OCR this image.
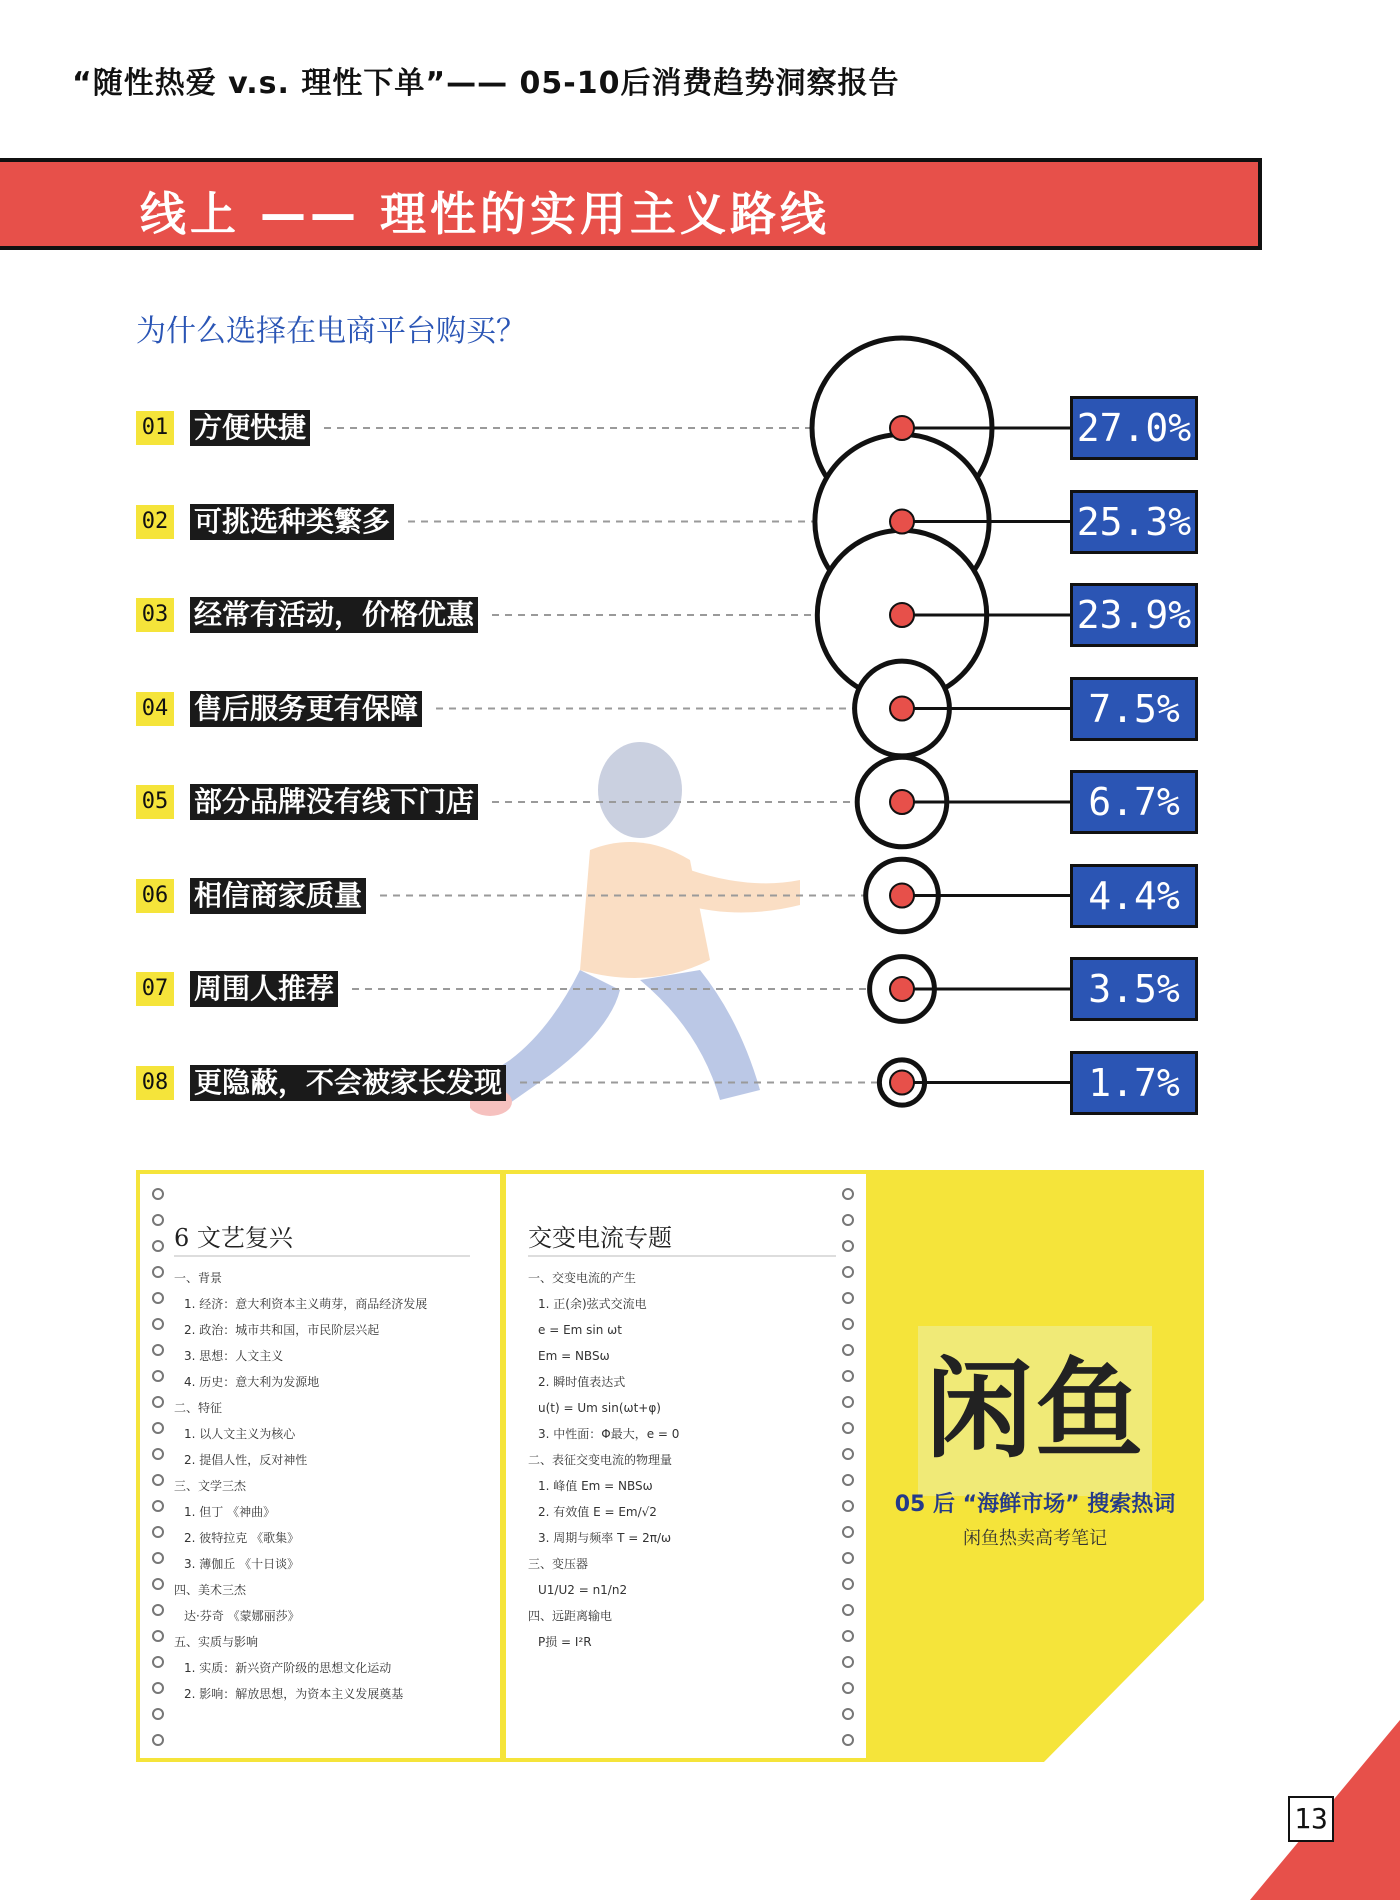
“随性热爱 v.s. 理性下单”—— 05-10后消费趋势洞察报告
线上 —— 理性的实用主义路线
为什么选择在电商平台购买？
01 方便快捷	27.0%
02 可挑选种类繁多	25.3%
03 经常有活动，价格优惠	23.9%
04 售后服务更有保障	7.5%
05 部分品牌没有线下门店	6.7%
06 相信商家质量	4.4%
07 周围人推荐	3.5%
08 更隐蔽，不会被家长发现	1.7%
6 文艺复兴
一、背景
1. 经济：意大利资本主义萌芽，商品经济发展
2. 政治：城市共和国，市民阶层兴起
3. 思想：人文主义
4. 历史：意大利为发源地
二、特征
1. 以人文主义为核心
2. 提倡人性，反对神性
三、文学三杰
1. 但丁 《神曲》
2. 彼特拉克 《歌集》
3. 薄伽丘 《十日谈》
四、美术三杰
达·芬奇 《蒙娜丽莎》
五、实质与影响
1. 实质：新兴资产阶级的思想文化运动
2. 影响：解放思想，为资本主义发展奠基
交变电流专题
一、交变电流的产生
1. 正(余)弦式交流电
e = Em sin ωt
Em = NBSω
2. 瞬时值表达式
u(t) = Um sin(ωt+φ)
3. 中性面：Φ最大，e = 0
二、表征交变电流的物理量
1. 峰值 Em = NBSω
2. 有效值 E = Em/√2
3. 周期与频率 T = 2π/ω
三、变压器
U1/U2 = n1/n2
四、远距离输电
P损 = I²R
闲鱼
05 后 “海鲜市场” 搜索热词
闲鱼热卖高考笔记
13
